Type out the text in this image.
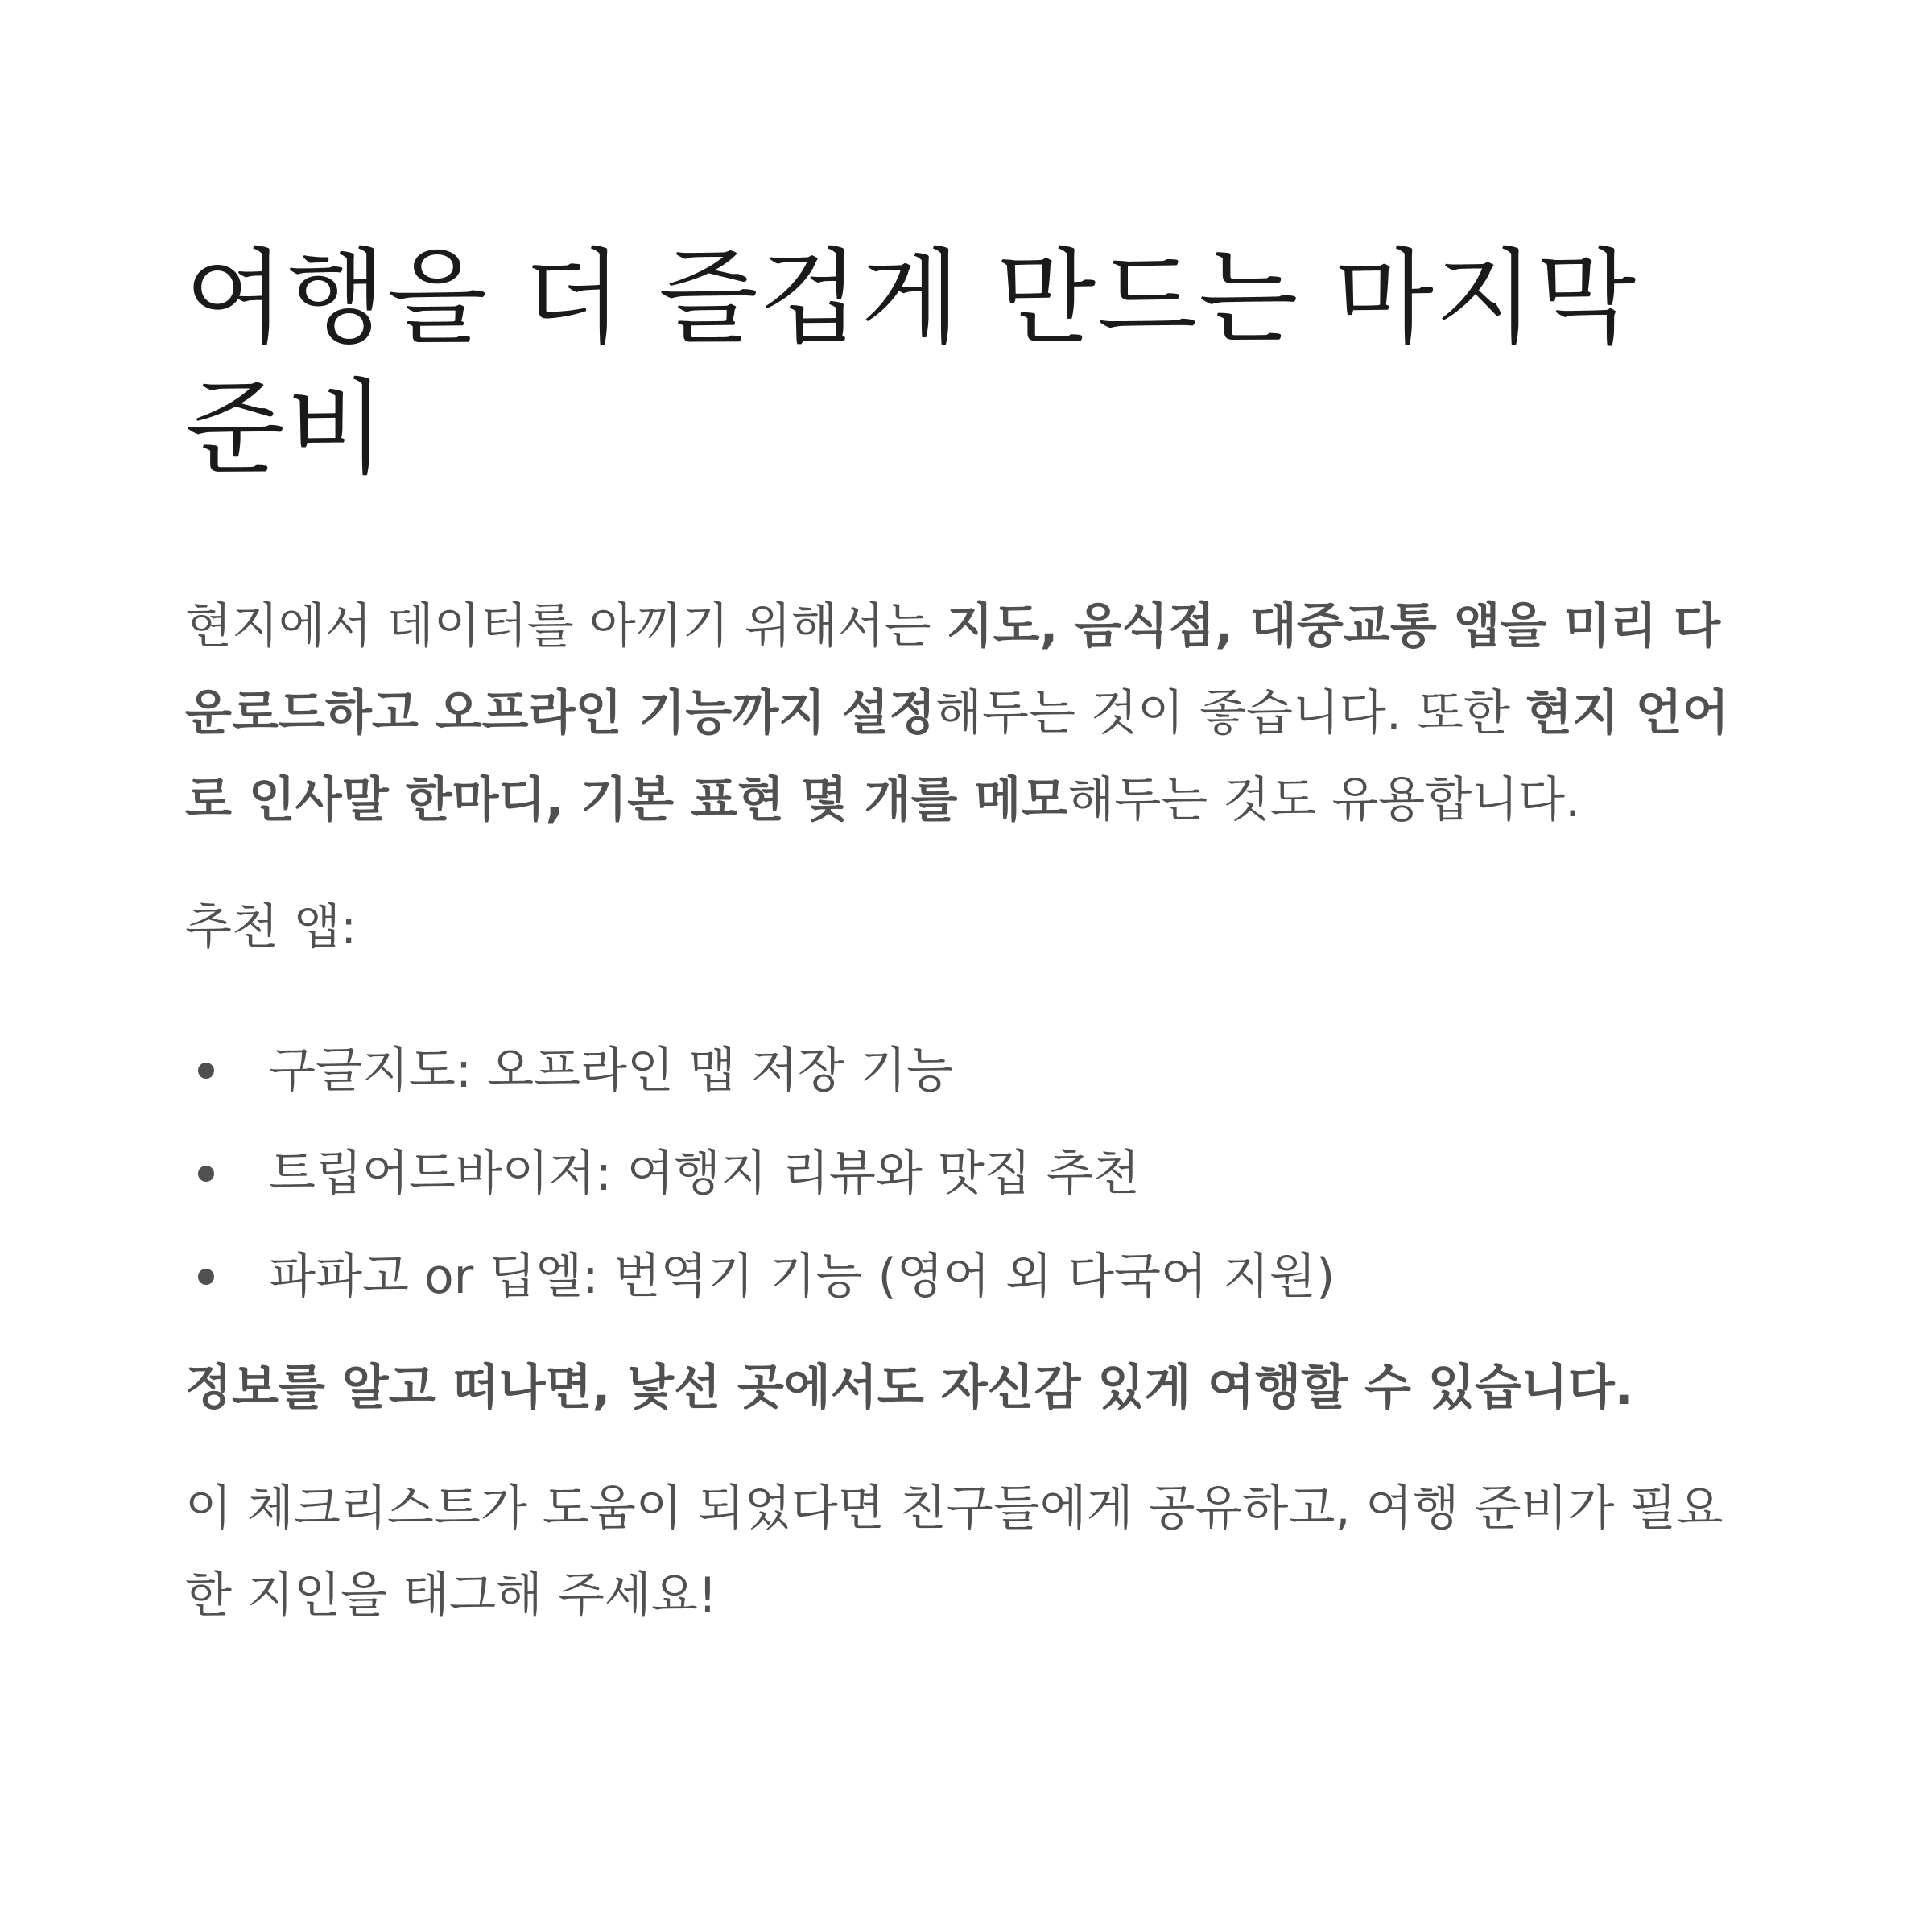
여행을 더 즐겁게 만드는 마지막 준비

현지에서 데이터를 아끼기 위해서는 지도, 음식점, 대중교통 앱을 미리 다운로드하고 오프라인 기능까지 설정해두는 것이 좋습니다. 또한 현지 언어로 인사말 한마디, 기본 표현 몇 개를 메모해두는 것도 유용합니다.

추천 앱:

구글지도: 오프라인 맵 저장 기능
트립어드바이저: 여행지 리뷰와 맛집 추천
파파고 or 딥엘: 번역기 기능 (영어 외 다국어 지원)

정보를 알고 떠나면, 낯선 곳에서도 자신감 있게 여행할 수 있습니다.

이 체크리스트가 도움이 되었다면 친구들에게 공유하고, 여행 준비가 필요한 지인을 태그해 주세요!
